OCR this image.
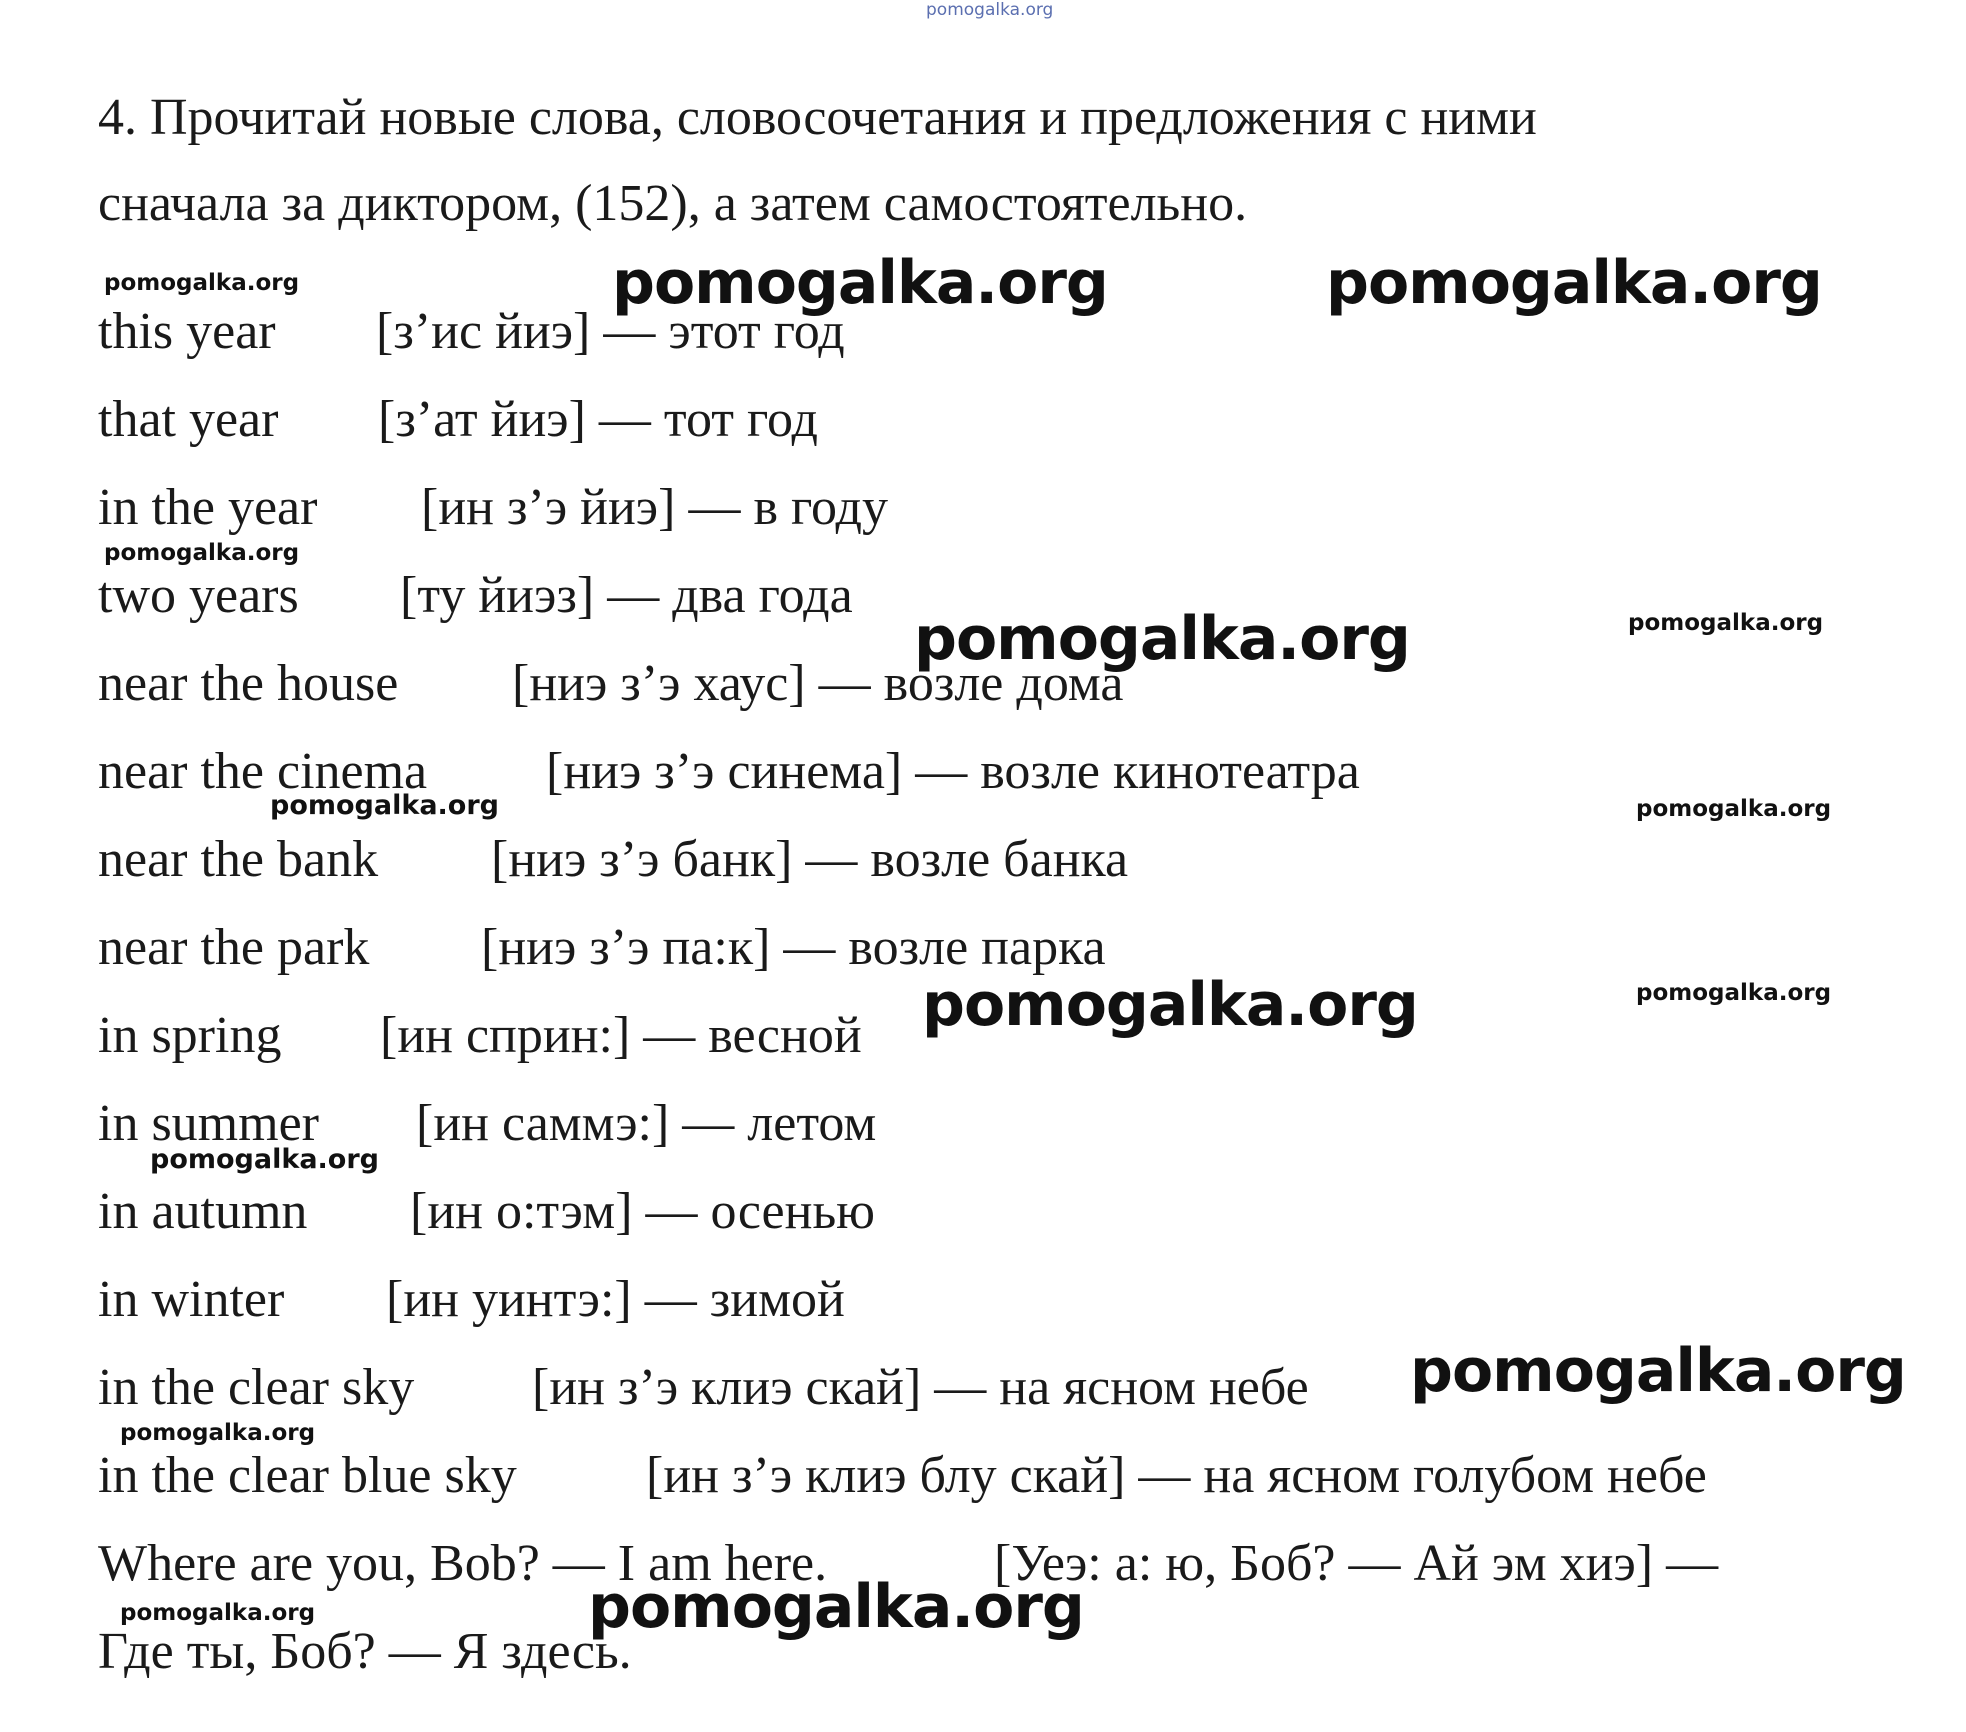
pomogalka.org
4. Прочитай новые слова, словосочетания и предложения с ними
сначала за диктором, (152), а затем самостоятельно.
this year [з’ис йиэ] — этот год
that year [з’ат йиэ] — тот год
in the year [ин з’э йиэ] — в году
two years [ту йиэз] — два года
near the house [ниэ з’э хаус] — возле дома
near the cinema [ниэ з’э синема] — возле кинотеатра
near the bank [ниэ з’э банк] — возле банка
near the park [ниэ з’э па:к] — возле парка
in spring [ин сприн:] — весной
in summer [ин саммэ:] — летом
in autumn [ин о:тэм] — осенью
in winter [ин уинтэ:] — зимой
in the clear sky [ин з’э клиэ скай] — на ясном небе
in the clear blue sky [ин з’э клиэ блу скай] — на ясном голубом небе
Where are you, Bob? — I am here.	[Уеэ: а: ю, Боб? — Ай эм хиэ] —
Где ты, Боб? — Я здесь.
pomogalka.org	pomogalka.org	pomogalka.org
pomogalka.org
pomogalka.org	pomogalka.org
pomogalka.org	pomogalka.org
pomogalka.org	pomogalka.org
pomogalka.org
pomogalka.org
pomogalka.org
pomogalka.org
pomogalka.org
